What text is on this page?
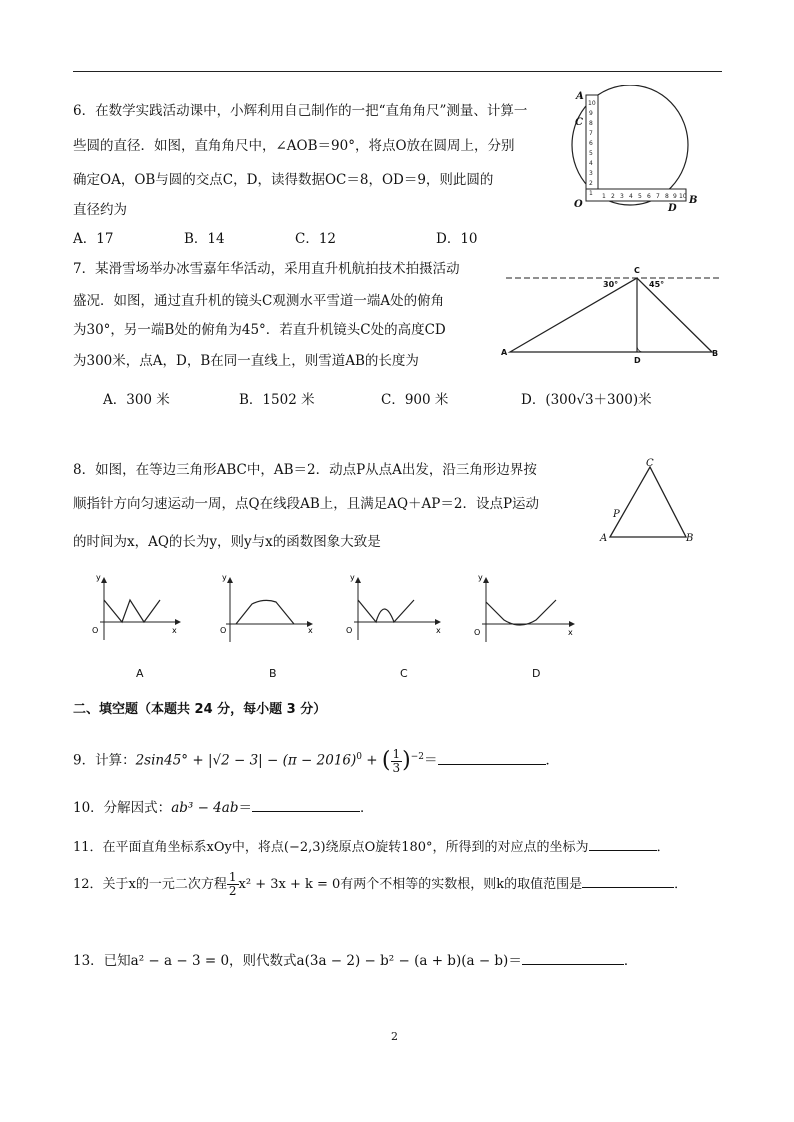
6．在数学实践活动课中，小辉利用自己制作的一把“直角角尺”测量、计算一
些圆的直径．如图，直角角尺中，∠AOB＝90°，将点O放在圆周上，分别
确定OA，OB与圆的交点C，D，读得数据OC＝8，OD＝9，则此圆的
直径约为
A．17	B．14	C．12	D．10
10
9
8
7
6
5
4
3
2
1 1 2 3 4 5 6 7 8 9 10
A
C
O	D
B
7．某滑雪场举办冰雪嘉年华活动，采用直升机航拍技术拍摄活动
盛况．如图，通过直升机的镜头C观测水平雪道一端A处的俯角
为30°，另一端B处的俯角为45°．若直升机镜头C处的高度CD
为300米，点A，D，B在同一直线上，则雪道AB的长度为
A．300 米	B．1502 米	C．900 米	D．(300√3＋300)米
C
A
D
B
30°	45°
8．如图，在等边三角形ABC中，AB＝2．动点P从点A出发，沿三角形边界按
顺指针方向匀速运动一周，点Q在线段AB上，且满足AQ＋AP＝2．设点P运动
的时间为x，AQ的长为y，则y与x的函数图象大致是
C
P
A	B
y
x
O
y
x
O
y
x
O
y
x
O
A	B	C	D
二、填空题（本题共 24 分，每小题 3 分）
9．计算：$2\sin 45^\circ + |√2 - 3| - (\pi - 2016)^0$ + ( $\frac{1}{3} )^{-2}=$	．
10．分解因式：ab³ − 4ab＝	．
11．在平面直角坐标系xOy中，将点(−2,3)绕原点O旋转180°，所得到的对应点的坐标为	．
12．关于x的一元二次方程 $\frac{1}{2} x^2 + 3x + k = 0$有两个不相等的实数根，则k的取值范围是	．
13．已知a² − a − 3 = 0，则代数式a(3a − 2) − b² − (a + b)(a − b)＝	．
2
